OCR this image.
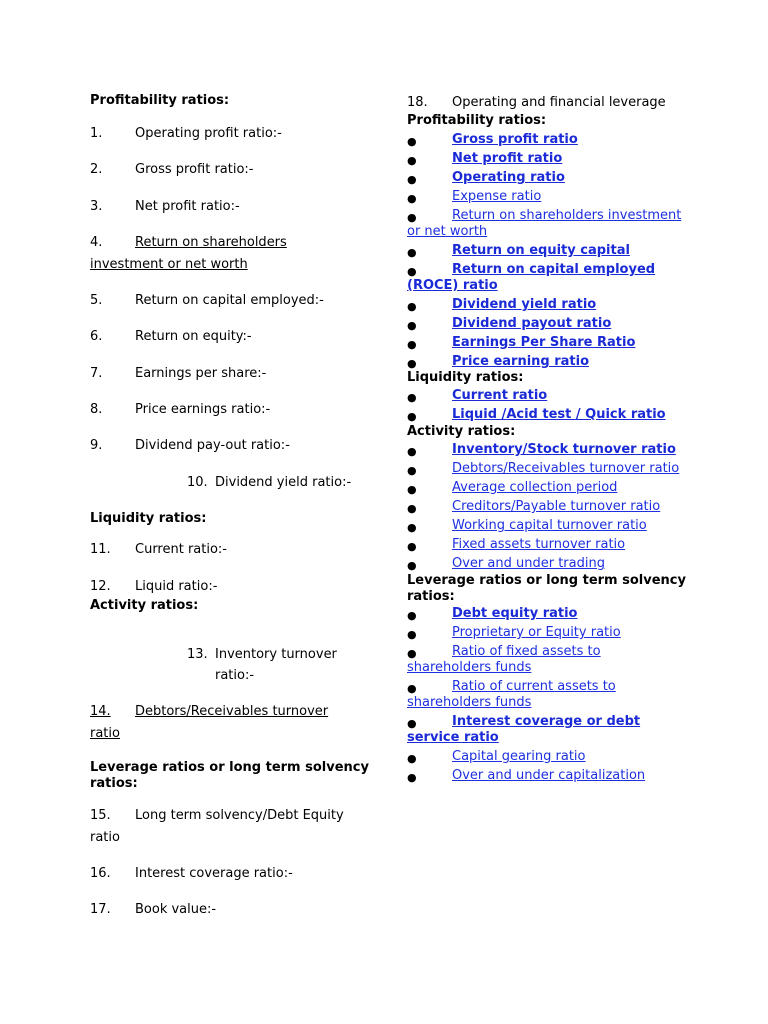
Profitability ratios:
1.	Operating profit ratio:-
2.	Gross profit ratio:-
3.	Net profit ratio:-
4.	Return on shareholders
investment or net worth
5.	Return on capital employed:-
6.	Return on equity:-
7.	Earnings per share:-
8.	Price earnings ratio:-
9.	Dividend pay-out ratio:-
10. Dividend yield ratio:-
Liquidity ratios:
11. Current ratio:-
12. Liquid ratio:-
Activity ratios:
13. Inventory turnover
ratio:-
14. Debtors/Receivables turnover
ratio
Leverage ratios or long term solvency
ratios:
15. Long term solvency/Debt Equity
ratio
16. Interest coverage ratio:-
17. Book value:-
18. Operating and financial leverage
Profitability ratios:
●	Gross profit ratio
●	Net profit ratio
●	Operating ratio
●	Expense ratio
●	Return on shareholders investment
or net worth
●	Return on equity capital
●	Return on capital employed
(ROCE) ratio
●	Dividend yield ratio
●	Dividend payout ratio
●	Earnings Per Share Ratio
●	Price earning ratio
Liquidity ratios:
●	Current ratio
●	Liquid /Acid test / Quick ratio
Activity ratios:
●	Inventory/Stock turnover ratio
●	Debtors/Receivables turnover ratio
●	Average collection period
●	Creditors/Payable turnover ratio
●	Working capital turnover ratio
●	Fixed assets turnover ratio
●	Over and under trading
Leverage ratios or long term solvency
ratios:
●	Debt equity ratio
●	Proprietary or Equity ratio
●	Ratio of fixed assets to
shareholders funds
●	Ratio of current assets to
shareholders funds
●	Interest coverage or debt
service ratio
●	Capital gearing ratio
●	Over and under capitalization
